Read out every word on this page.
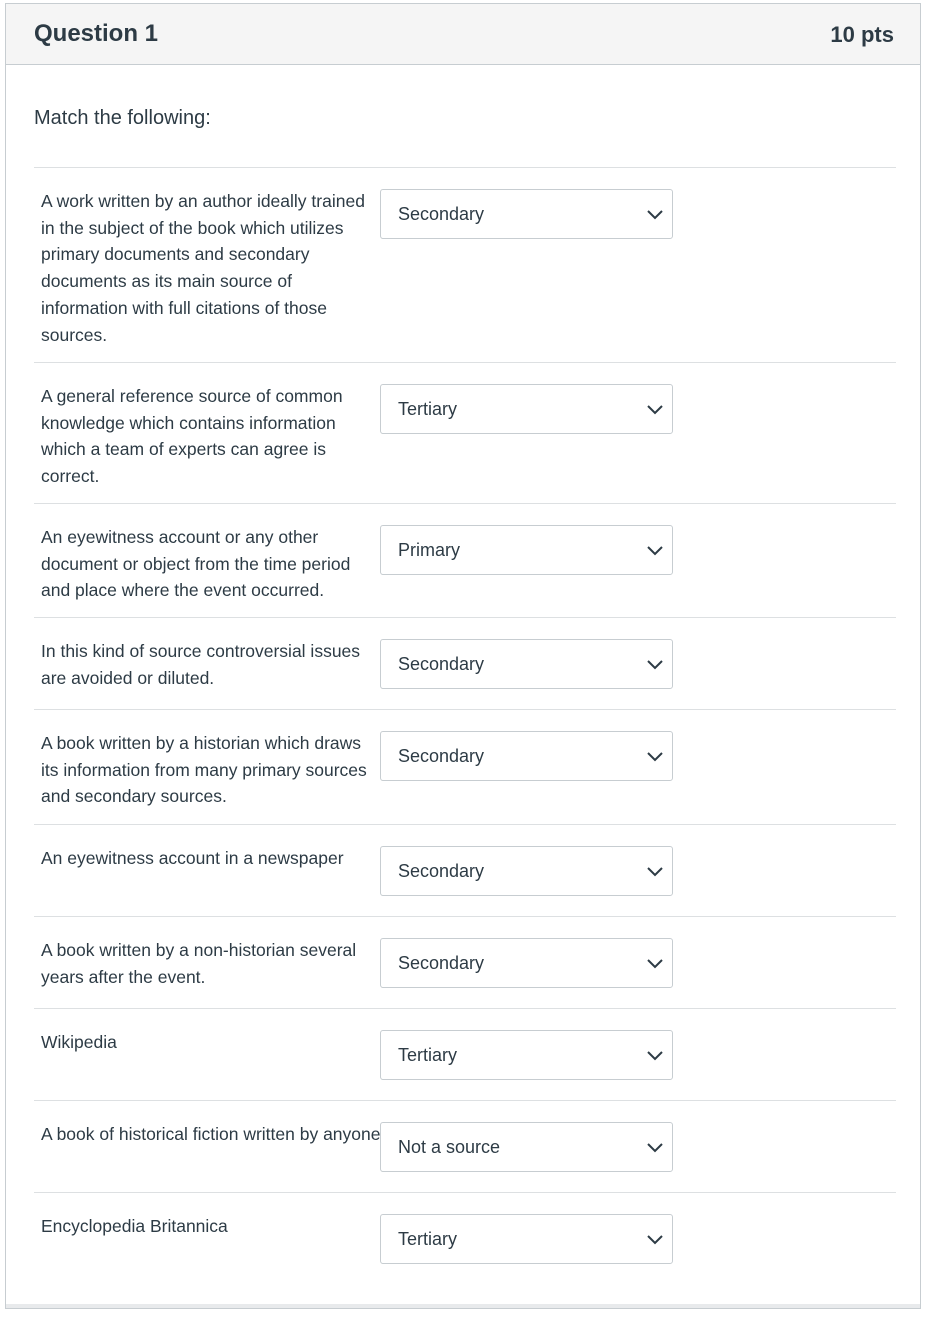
Question 1	10 pts
Match the following:
A work written by an author ideally trained in the subject of the book which utilizes primary documents and secondary documents as its main source of information with full citations of those sources.
Secondary
A general reference source of common knowledge which contains information which a team of experts can agree is correct.
Tertiary
An eyewitness account or any other document or object from the time period and place where the event occurred.
Primary
In this kind of source controversial issues are avoided or diluted.
Secondary
A book written by a historian which draws its information from many primary sources and secondary sources.
Secondary
An eyewitness account in a newspaper
Secondary
A book written by a non-historian several years after the event.
Secondary
Wikipedia
Tertiary
A book of historical fiction written by anyone
Not a source
Encyclopedia Britannica
Tertiary
